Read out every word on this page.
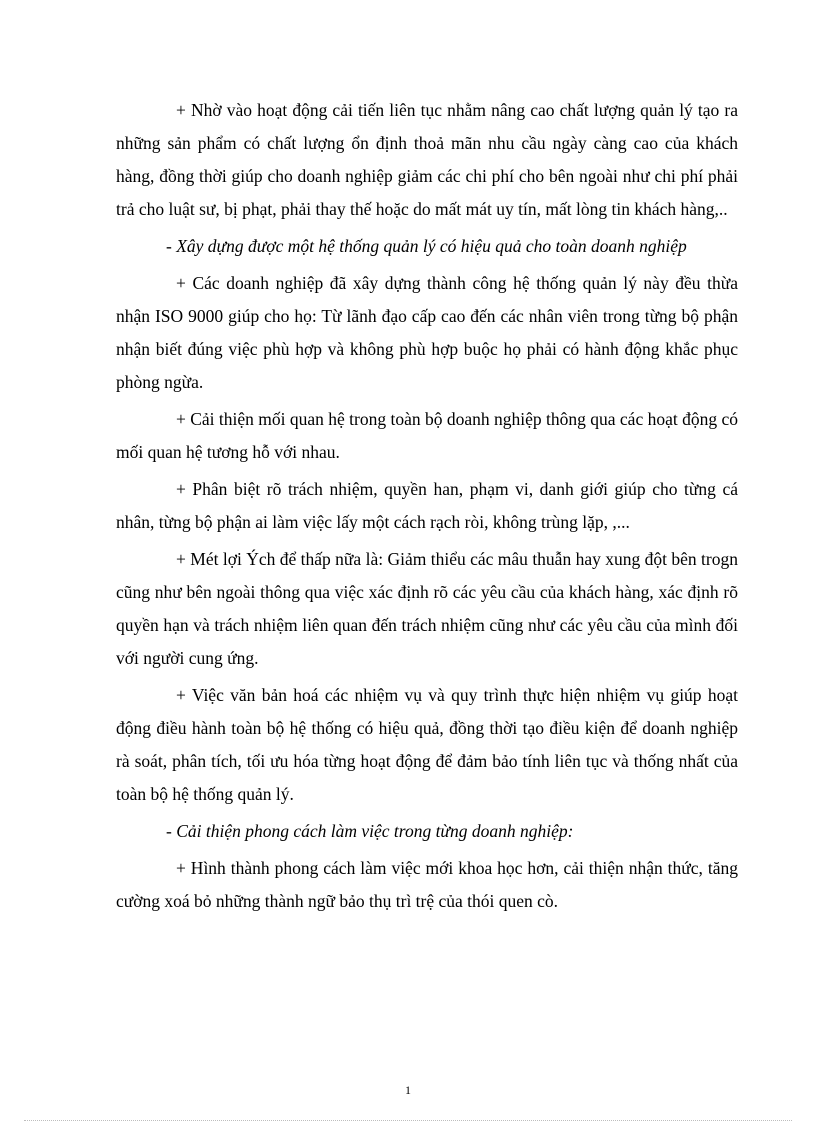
+ Nhờ vào hoạt động cải tiến liên tục nhằm nâng cao chất lượng quản lý tạo ra những sản phẩm có chất lượng ổn định thoả mãn nhu cầu ngày càng cao của khách hàng, đồng thời giúp cho doanh nghiệp giảm các chi phí cho bên ngoài như chi phí phải trả cho luật sư, bị phạt, phải thay thế hoặc do mất mát uy tín, mất lòng tin khách hàng,..

- Xây dựng được một hệ thống quản lý có hiệu quả cho toàn doanh nghiệp

+ Các doanh nghiệp đã xây dựng thành công hệ thống quản lý này đều thừa nhận ISO 9000 giúp cho họ: Từ lãnh đạo cấp cao đến các nhân viên trong từng bộ phận nhận biết đúng việc phù hợp và không phù hợp buộc họ phải có hành động khắc phục phòng ngừa.

+ Cải thiện mối quan hệ trong toàn bộ doanh nghiệp thông qua các hoạt động có mối quan hệ tương hỗ với nhau.

+ Phân biệt rõ trách nhiệm, quyền han, phạm vi, danh giới giúp cho từng cá nhân, từng bộ phận ai làm việc lấy một cách rạch ròi, không trùng lặp, ,...

+ Mét lợi Ých để thấp nữa là: Giảm thiểu các mâu thuẫn hay xung đột bên trogn cũng như bên ngoài thông qua việc xác định rõ các yêu cầu của khách hàng, xác định rõ quyền hạn và trách nhiệm liên quan đến trách nhiệm cũng như các yêu cầu của mình đối với người cung ứng.

+ Việc văn bản hoá các nhiệm vụ và quy trình thực hiện nhiệm vụ giúp hoạt động điều hành toàn bộ hệ thống có hiệu quả, đồng thời tạo điều kiện để doanh nghiệp rà soát, phân tích, tối ưu hóa từng hoạt động để đảm bảo tính liên tục và thống nhất của toàn bộ hệ thống quản lý.

- Cải thiện phong cách làm việc trong từng doanh nghiệp:

+ Hình thành phong cách làm việc mới khoa học hơn, cải thiện nhận thức, tăng cường xoá bỏ những thành ngữ bảo thụ trì trệ của thói quen cò.

1
